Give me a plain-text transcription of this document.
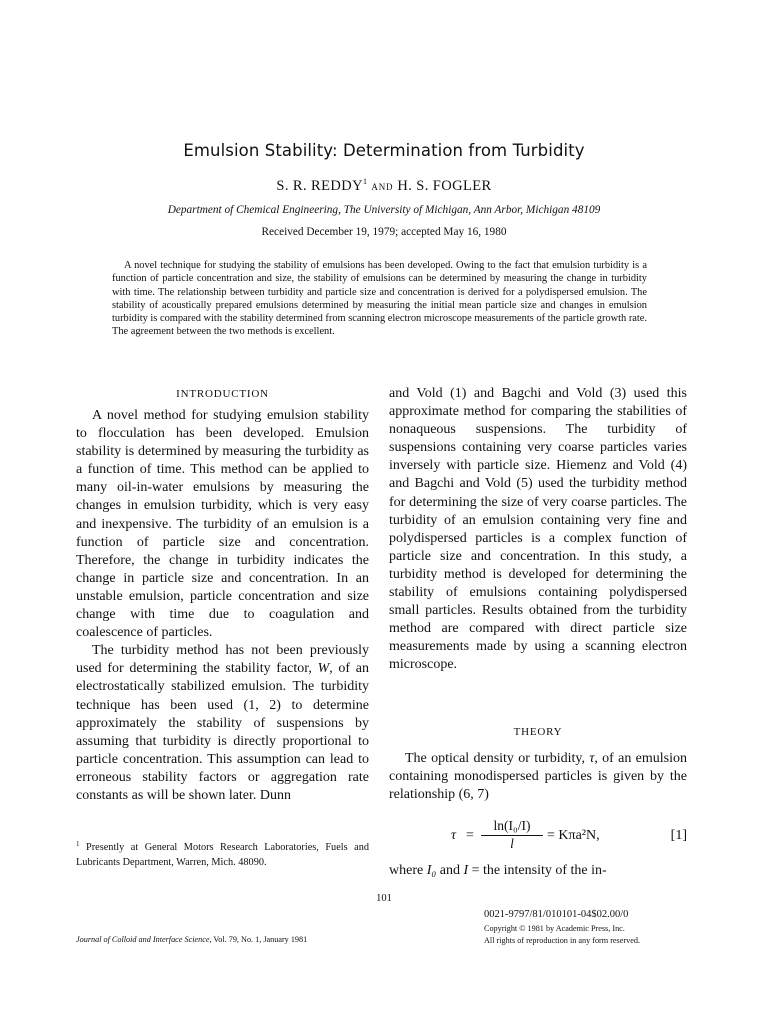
Emulsion Stability: Determination from Turbidity
S. R. REDDY$^1$ and H. S. FOGLER
Department of Chemical Engineering, The University of Michigan, Ann Arbor, Michigan 48109
Received December 19, 1979; accepted May 16, 1980
A novel technique for studying the stability of emulsions has been developed. Owing to the fact that emulsion turbidity is a function of particle concentration and size, the stability of emulsions can be determined by measuring the change in turbidity with time. The relationship between turbidity and particle size and concentration is derived for a polydispersed emulsion. The stability of acoustically prepared emulsions determined by measuring the initial mean particle size and changes in emulsion turbidity is compared with the stability determined from scanning electron microscope measurements of the particle growth rate. The agreement between the two methods is excellent.
INTRODUCTION

A novel method for studying emulsion stability to flocculation has been developed. Emulsion stability is determined by measuring the turbidity as a function of time. This method can be applied to many oil-in-water emulsions by measuring the changes in emulsion turbidity, which is very easy and inexpensive. The turbidity of an emulsion is a function of particle size and concentration. Therefore, the change in turbidity indicates the change in particle size and concentration. In an unstable emulsion, particle concentration and size change with time due to coagulation and coalescence of particles.

The turbidity method has not been previously used for determining the stability factor, W, of an electrostatically stabilized emulsion. The turbidity technique has been used (1, 2) to determine approximately the stability of suspensions by assuming that turbidity is directly proportional to particle concentration. This assumption can lead to erroneous stability factors or aggregation rate constants as will be shown later. Dunn

and Vold (1) and Bagchi and Vold (3) used this approximate method for comparing the stabilities of nonaqueous suspensions. The turbidity of suspensions containing very coarse particles varies inversely with particle size. Hiemenz and Vold (4) and Bagchi and Vold (5) used the turbidity method for determining the size of very coarse particles. The turbidity of an emulsion containing very fine and polydispersed particles is a complex function of particle size and concentration. In this study, a turbidity method is developed for determining the stability of emulsions containing polydispersed small particles. Results obtained from the turbidity method are compared with direct particle size measurements made by using a scanning electron microscope.

THEORY

The optical density or turbidity, τ, of an emulsion containing monodispersed particles is given by the relationship (6, 7)

$\tau = \frac{\text{ln(I₀/I)}}{l} = K\pi a^2N$,	[1]

where I₀ and I = the intensity of the in-

$^1$ Presently at General Motors Research Laboratories, Fuels and Lubricants Department, Warren, Mich. 48090.
101
0021-9797/81/010101-04$02.00/0
Copyright © 1981 by Academic Press, Inc.
All rights of reproduction in any form reserved.
Journal of Colloid and Interface Science, Vol. 79, No. 1, January 1981
